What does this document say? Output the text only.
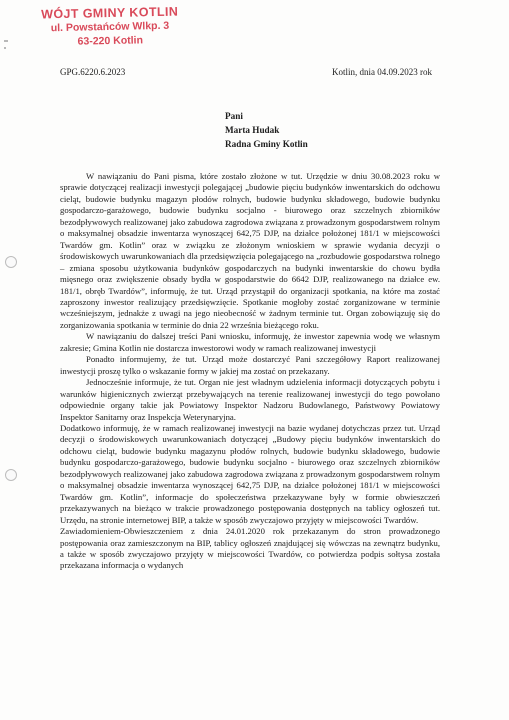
WÓJT GMINY KOTLIN
ul. Powstańców Wlkp. 3
63-220 Kotlin
GPG.6220.6.2023	Kotlin, dnia 04.09.2023 rok
Pani
Marta Hudak
Radna Gminy Kotlin
W nawiązaniu do Pani pisma, które zostało złożone w tut. Urzędzie w dniu 30.08.2023 roku w sprawie dotyczącej realizacji inwestycji polegającej „budowie pięciu budynków inwentarskich do odchowu cieląt, budowie budynku magazyn płodów rolnych, budowie budynku składowego, budowie budynku gospodarczo-garażowego, budowie budynku socjalno - biurowego oraz szczelnych zbiorników bezodpływowych realizowanej jako zabudowa zagrodowa związana z prowadzonym gospodarstwem rolnym o maksymalnej obsadzie inwentarza wynoszącej 642,75 DJP, na działce położonej 181/1 w miejscowości Twardów gm. Kotlin” oraz w związku ze złożonym wnioskiem w sprawie wydania decyzji o środowiskowych uwarunkowaniach dla przedsięwzięcia polegającego na „rozbudowie gospodarstwa rolnego – zmiana sposobu użytkowania budynków gospodarczych na budynki inwentarskie do chowu bydła mięsnego oraz zwiększenie obsady bydła w gospodarstwie do 6642 DJP, realizowanego na działce ew. 181/1, obręb Twardów”, informuję, że tut. Urząd przystąpił do organizacji spotkania, na które ma zostać zaproszony inwestor realizujący przedsięwzięcie. Spotkanie mogłoby zostać zorganizowane w terminie wcześniejszym, jednakże z uwagi na jego nieobecność w żadnym terminie tut. Organ zobowiązuję się do zorganizowania spotkania w terminie do dnia 22 września bieżącego roku.
W nawiązaniu do dalszej treści Pani wniosku, informuję, że inwestor zapewnia wodę we własnym zakresie; Gmina Kotlin nie dostarcza inwestorowi wody w ramach realizowanej inwestycji
Ponadto informujemy, że tut. Urząd może dostarczyć Pani szczegółowy Raport realizowanej inwestycji proszę tylko o wskazanie formy w jakiej ma zostać on przekazany.
Jednocześnie informuje, że tut. Organ nie jest władnym udzielenia informacji dotyczących pobytu i warunków higienicznych zwierząt przebywających na terenie realizowanej inwestycji do tego powołano odpowiednie organy takie jak Powiatowy Inspektor Nadzoru Budowlanego, Państwowy Powiatowy Inspektor Sanitarny oraz Inspekcja Weterynaryjna.
Dodatkowo informuję, że w ramach realizowanej inwestycji na bazie wydanej dotychczas przez tut. Urząd decyzji o środowiskowych uwarunkowaniach dotyczącej „Budowy pięciu budynków inwentarskich do odchowu cieląt, budowie budynku magazynu płodów rolnych, budowie budynku składowego, budowie budynku gospodarczo-garażowego, budowie budynku socjalno - biurowego oraz szczelnych zbiorników bezodpływowych realizowanej jako zabudowa zagrodowa związana z prowadzonym gospodarstwem rolnym o maksymalnej obsadzie inwentarza wynoszącej 642,75 DJP, na działce położonej 181/1 w miejscowości Twardów gm. Kotlin”, informacje do społeczeństwa przekazywane były w formie obwieszczeń przekazywanych na bieżąco w trakcie prowadzonego postępowania dostępnych na tablicy ogłoszeń tut. Urzędu, na stronie internetowej BIP, a także w sposób zwyczajowo przyjęty w miejscowości Twardów.
Zawiadomieniem-Obwieszczeniem z dnia 24.01.2020 rok przekazanym do stron prowadzonego postępowania oraz zamieszczonym na BIP, tablicy ogłoszeń znajdującej się wówczas na zewnątrz budynku, a także w sposób zwyczajowo przyjęty w miejscowości Twardów, co potwierdza podpis sołtysa została przekazana informacja o wydanych
